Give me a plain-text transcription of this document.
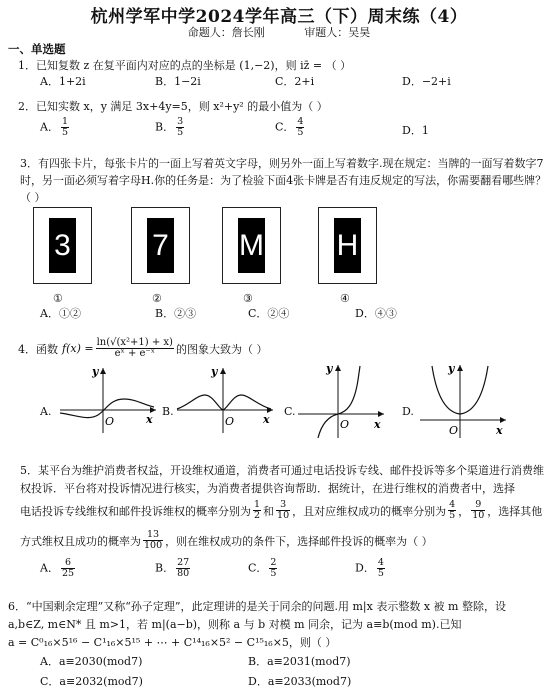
杭州学军中学2024学年高三（下）周末练（4）
命题人：詹长刚	审题人：吴昊
一、单选题
1．已知复数 z 在复平面内对应的点的坐标是 (1,−2)，则 iz̄ = （ ）
A．1+2i	B．1−2i	C．2+i	D．−2+i
2．已知实数 x，y 满足 3x+4y=5，则 x²+y² 的最小值为（ ）
A． $\frac{1}{5}$	B． $\frac{3}{5}$	C． $\frac{4}{5}$	D．1
3．有四张卡片，每张卡片的一面上写着英文字母，则另外一面上写着数字.现在规定：当牌的一面写着数字7时，另一面必须写着字母H.你的任务是：为了检验下面4张卡牌是否有违反规定的写法，你需要翻看哪些牌？（ ）
3	7 M H
①	②	③	④
A．①②	B．②③	C．②④	D．④③
4．函数 $f(x) = \frac{\text{ln(√(x²+1) + x)}}{\text{eˣ + e⁻ˣ}}$ 的图象大致为（ ）
A.	B.	C.	D.
y
x
O
y
x
O
y
x
O
y
x
O
5．某平台为维护消费者权益，开设维权通道，消费者可通过电话投诉专线、邮件投诉等多个渠道进行消费维权投诉．平台将对投诉情况进行核实，为消费者提供咨询帮助．据统计，在进行维权的消费者中，选择
电话投诉专线维权和邮件投诉维权的概率分别为 $\frac{1}{2}$ 和 $\frac{3}{10}$ ，且对应维权成功的概率分别为 $\frac{4}{5}$ ， $\frac{9}{10}$ ，选择其他
方式维权且成功的概率为 $\frac{13}{100}$ ，则在维权成功的条件下，选择邮件投诉的概率为（ ）
A． $\frac{6}{25}$	B． $\frac{27}{80}$	C． $\frac{2}{5}$	D． $\frac{4}{5}$
6．“中国剩余定理”又称“孙子定理”，此定理讲的是关于同余的问题.用 m|x 表示整数 x 被 m 整除，设
a,b∈Z, m∈N* 且 m>1，若 m|(a−b)，则称 a 与 b 对模 m 同余，记为 a≡b(mod m).已知
a = C⁰₁₆×5¹⁶ − C¹₁₆×5¹⁵ + ⋯ + C¹⁴₁₆×5² − C¹⁵₁₆×5，则（ ）
A．a≡2030(mod7)	B．a≡2031(mod7)
C．a≡2032(mod7)	D．a≡2033(mod7)
